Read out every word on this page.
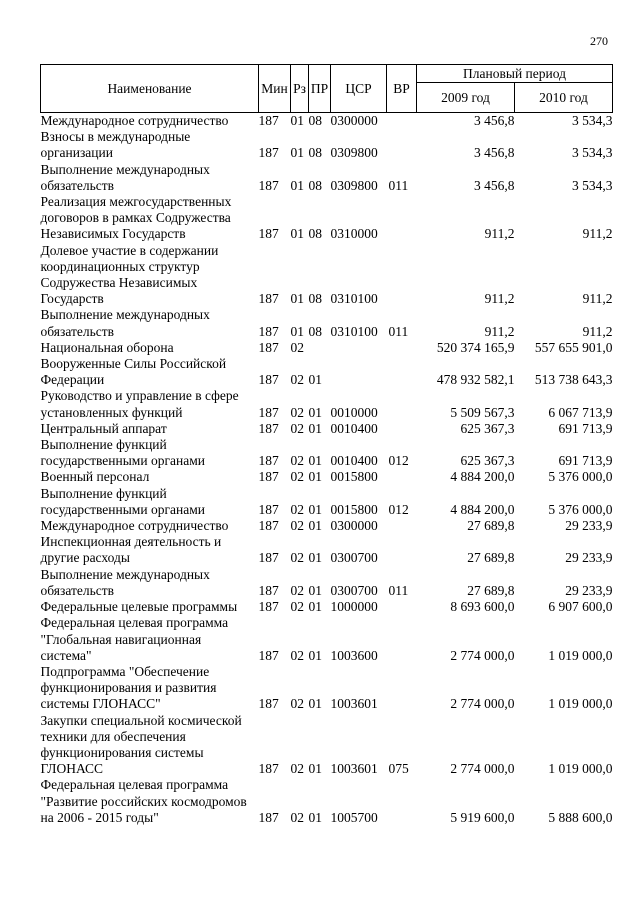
270
Наименование	Мин	Рз	ПР	ЦСР	ВР	Плановый период	
						2009 год	2010 год

Международное сотрудничество	187	01	08	0300000		3 456,8	3 534,3

Взносы в международные
организации	187	01	08	0309800		3 456,8	3 534,3

Выполнение международных
обязательств	187	01	08	0309800	011	3 456,8	3 534,3

Реализация межгосударственных
договоров в рамках Содружества
Независимых Государств	187	01	08	0310000		911,2	911,2

Долевое участие в содержании
координационных структур
Содружества Независимых
Государств	187	01	08	0310100		911,2	911,2

Выполнение международных
обязательств	187	01	08	0310100	011	911,2	911,2

Национальная оборона	187	02				520 374 165,9	557 655 901,0

Вооруженные Силы Российской
Федерации	187	02	01			478 932 582,1	513 738 643,3

Руководство и управление в сфере
установленных функций	187	02	01	0010000		5 509 567,3	6 067 713,9

Центральный аппарат	187	02	01	0010400		625 367,3	691 713,9

Выполнение функций
государственными органами	187	02	01	0010400	012	625 367,3	691 713,9

Военный персонал	187	02	01	0015800		4 884 200,0	5 376 000,0

Выполнение функций
государственными органами	187	02	01	0015800	012	4 884 200,0	5 376 000,0

Международное сотрудничество	187	02	01	0300000		27 689,8	29 233,9

Инспекционная деятельность и
другие расходы	187	02	01	0300700		27 689,8	29 233,9

Выполнение международных
обязательств	187	02	01	0300700	011	27 689,8	29 233,9

Федеральные целевые программы	187	02	01	1000000		8 693 600,0	6 907 600,0

Федеральная целевая программа
"Глобальная навигационная
система"	187	02	01	1003600		2 774 000,0	1 019 000,0

Подпрограмма "Обеспечение
функционирования и развития
системы ГЛОНАСС"	187	02	01	1003601		2 774 000,0	1 019 000,0

Закупки специальной космической
техники для обеспечения
функционирования системы
ГЛОНАСС	187	02	01	1003601	075	2 774 000,0	1 019 000,0

Федеральная целевая программа
"Развитие российских космодромов
на 2006 - 2015 годы"	187	02	01	1005700		5 919 600,0	5 888 600,0
